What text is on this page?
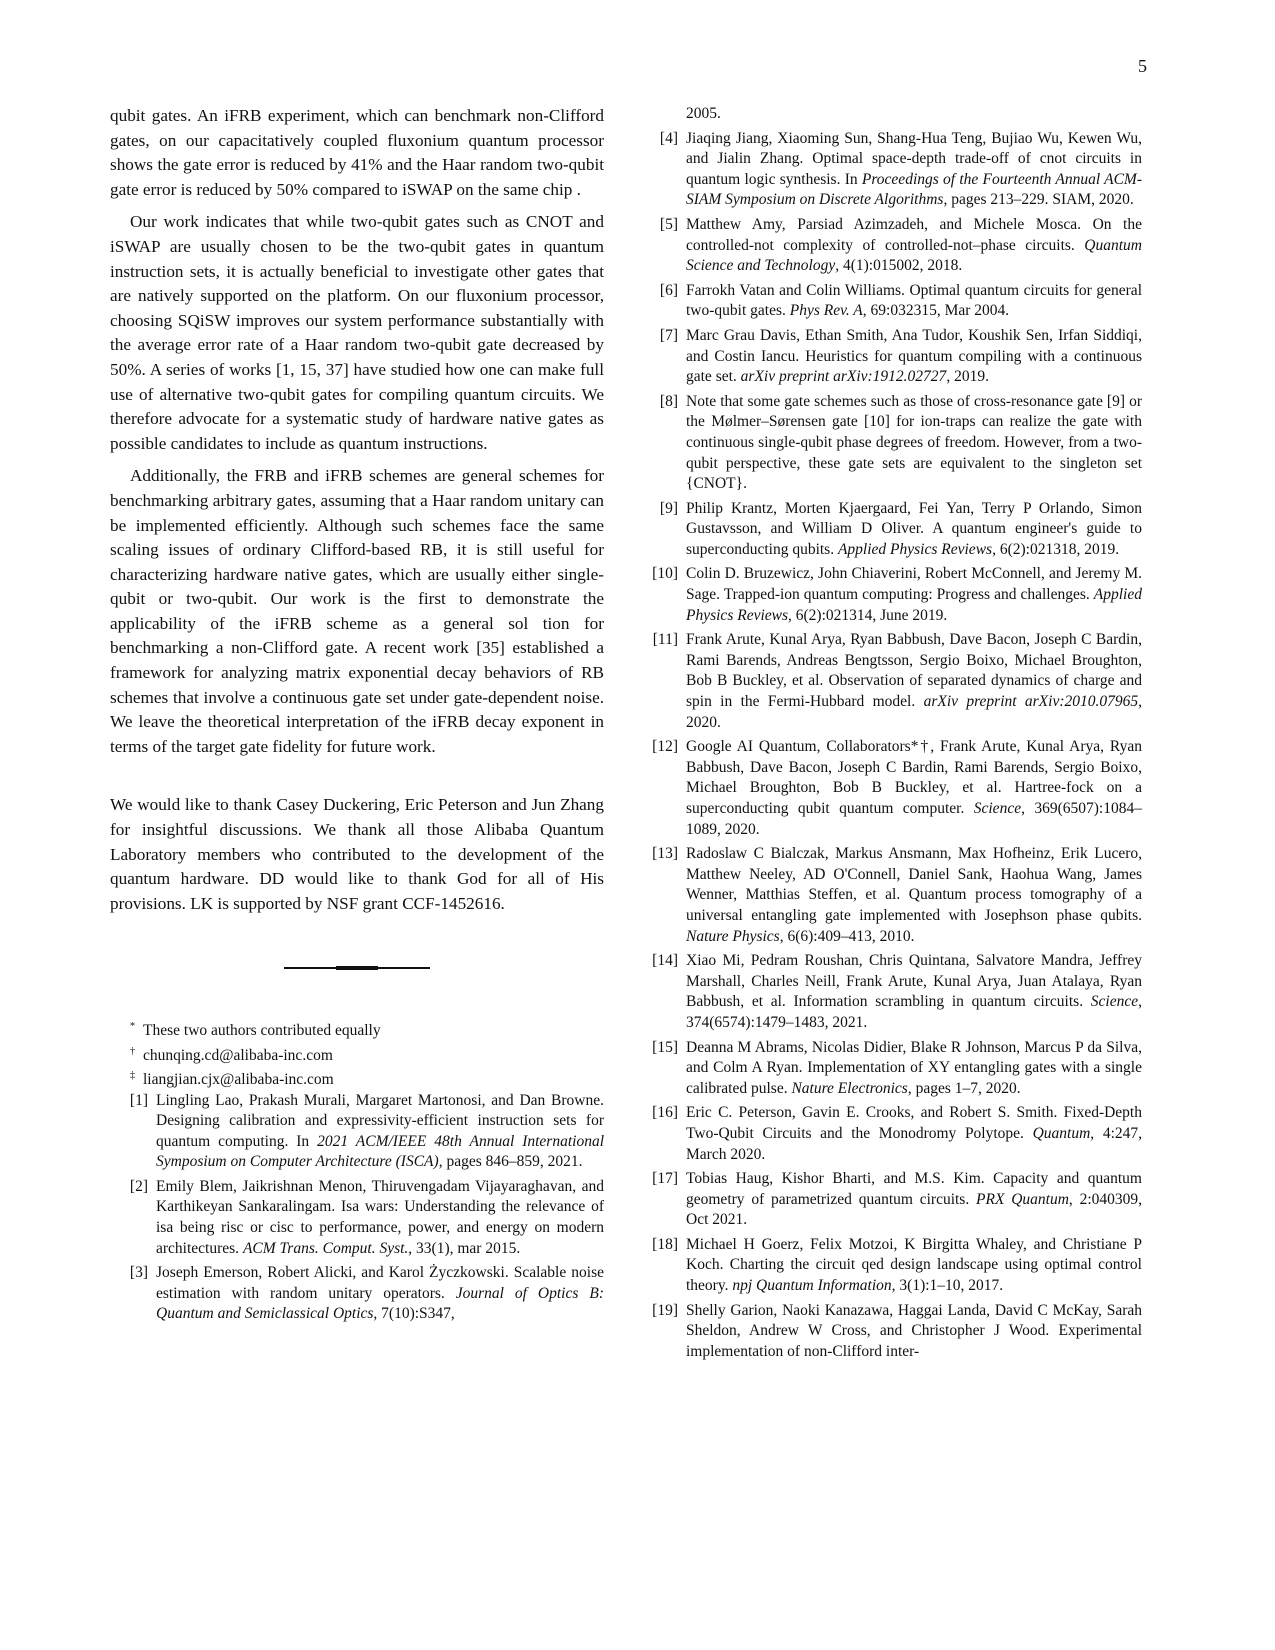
5

qubit gates. An iFRB experiment, which can benchmark non-Clifford gates, on our capacitatively coupled fluxonium quantum processor shows the gate error is reduced by 41% and the Haar random two-qubit gate error is reduced by 50% compared to iSWAP on the same chip .

Our work indicates that while two-qubit gates such as CNOT and iSWAP are usually chosen to be the two-qubit gates in quantum instruction sets, it is actually beneficial to investigate other gates that are natively supported on the platform. On our fluxonium processor, choosing SQiSW improves our system performance substantially with the average error rate of a Haar random two-qubit gate decreased by 50%. A series of works [1, 15, 37] have studied how one can make full use of alternative two-qubit gates for compiling quantum circuits. We therefore advocate for a systematic study of hardware native gates as possible candidates to include as quantum instructions.

Additionally, the FRB and iFRB schemes are general schemes for benchmarking arbitrary gates, assuming that a Haar random unitary can be implemented efficiently. Although such schemes face the same scaling issues of ordinary Clifford-based RB, it is still useful for characterizing hardware native gates, which are usually either single-qubit or two-qubit. Our work is the first to demonstrate the applicability of the iFRB scheme as a general sol tion for benchmarking a non-Clifford gate. A recent work [35] established a framework for analyzing matrix exponential decay behaviors of RB schemes that involve a continuous gate set under gate-dependent noise. We leave the theoretical interpretation of the iFRB decay exponent in terms of the target gate fidelity for future work.

We would like to thank Casey Duckering, Eric Peterson and Jun Zhang for insightful discussions. We thank all those Alibaba Quantum Laboratory members who contributed to the development of the quantum hardware. DD would like to thank God for all of His provisions. LK is supported by NSF grant CCF-1452616.

* These two authors contributed equally
† chunqing.cd@alibaba-inc.com
‡ liangjian.cjx@alibaba-inc.com
[1] Lingling Lao, Prakash Murali, Margaret Martonosi, and Dan Browne. Designing calibration and expressivity-efficient instruction sets for quantum computing. In 2021 ACM/IEEE 48th Annual International Symposium on Computer Architecture (ISCA), pages 846–859, 2021.
[2] Emily Blem, Jaikrishnan Menon, Thiruvengadam Vijayaraghavan, and Karthikeyan Sankaralingam. Isa wars: Understanding the relevance of isa being risc or cisc to performance, power, and energy on modern architectures. ACM Trans. Comput. Syst., 33(1), mar 2015.
[3] Joseph Emerson, Robert Alicki, and Karol Życzkowski. Scalable noise estimation with random unitary operators. Journal of Optics B: Quantum and Semiclassical Optics, 7(10):S347,
2005.
[4] Jiaqing Jiang, Xiaoming Sun, Shang-Hua Teng, Bujiao Wu, Kewen Wu, and Jialin Zhang. Optimal space-depth trade-off of cnot circuits in quantum logic synthesis. In Proceedings of the Fourteenth Annual ACM-SIAM Symposium on Discrete Algorithms, pages 213–229. SIAM, 2020.
[5] Matthew Amy, Parsiad Azimzadeh, and Michele Mosca. On the controlled-not complexity of controlled-not–phase circuits. Quantum Science and Technology, 4(1):015002, 2018.
[6] Farrokh Vatan and Colin Williams. Optimal quantum circuits for general two-qubit gates. Phys Rev. A, 69:032315, Mar 2004.
[7] Marc Grau Davis, Ethan Smith, Ana Tudor, Koushik Sen, Irfan Siddiqi, and Costin Iancu. Heuristics for quantum compiling with a continuous gate set. arXiv preprint arXiv:1912.02727, 2019.
[8] Note that some gate schemes such as those of cross-resonance gate [9] or the Mølmer–Sørensen gate [10] for ion-traps can realize the gate with continuous single-qubit phase degrees of freedom. However, from a two-qubit perspective, these gate sets are equivalent to the singleton set {CNOT}.
[9] Philip Krantz, Morten Kjaergaard, Fei Yan, Terry P Orlando, Simon Gustavsson, and William D Oliver. A quantum engineer's guide to superconducting qubits. Applied Physics Reviews, 6(2):021318, 2019.
[10] Colin D. Bruzewicz, John Chiaverini, Robert McConnell, and Jeremy M. Sage. Trapped-ion quantum computing: Progress and challenges. Applied Physics Reviews, 6(2):021314, June 2019.
[11] Frank Arute, Kunal Arya, Ryan Babbush, Dave Bacon, Joseph C Bardin, Rami Barends, Andreas Bengtsson, Sergio Boixo, Michael Broughton, Bob B Buckley, et al. Observation of separated dynamics of charge and spin in the Fermi-Hubbard model. arXiv preprint arXiv:2010.07965, 2020.
[12] Google AI Quantum, Collaborators*†, Frank Arute, Kunal Arya, Ryan Babbush, Dave Bacon, Joseph C Bardin, Rami Barends, Sergio Boixo, Michael Broughton, Bob B Buckley, et al. Hartree-fock on a superconducting qubit quantum computer. Science, 369(6507):1084–1089, 2020.
[13] Radoslaw C Bialczak, Markus Ansmann, Max Hofheinz, Erik Lucero, Matthew Neeley, AD O'Connell, Daniel Sank, Haohua Wang, James Wenner, Matthias Steffen, et al. Quantum process tomography of a universal entangling gate implemented with Josephson phase qubits. Nature Physics, 6(6):409–413, 2010.
[14] Xiao Mi, Pedram Roushan, Chris Quintana, Salvatore Mandra, Jeffrey Marshall, Charles Neill, Frank Arute, Kunal Arya, Juan Atalaya, Ryan Babbush, et al. Information scrambling in quantum circuits. Science, 374(6574):1479–1483, 2021.
[15] Deanna M Abrams, Nicolas Didier, Blake R Johnson, Marcus P da Silva, and Colm A Ryan. Implementation of XY entangling gates with a single calibrated pulse. Nature Electronics, pages 1–7, 2020.
[16] Eric C. Peterson, Gavin E. Crooks, and Robert S. Smith. Fixed-Depth Two-Qubit Circuits and the Monodromy Polytope. Quantum, 4:247, March 2020.
[17] Tobias Haug, Kishor Bharti, and M.S. Kim. Capacity and quantum geometry of parametrized quantum circuits. PRX Quantum, 2:040309, Oct 2021.
[18] Michael H Goerz, Felix Motzoi, K Birgitta Whaley, and Christiane P Koch. Charting the circuit qed design landscape using optimal control theory. npj Quantum Information, 3(1):1–10, 2017.
[19] Shelly Garion, Naoki Kanazawa, Haggai Landa, David C McKay, Sarah Sheldon, Andrew W Cross, and Christopher J Wood. Experimental implementation of non-Clifford inter-
